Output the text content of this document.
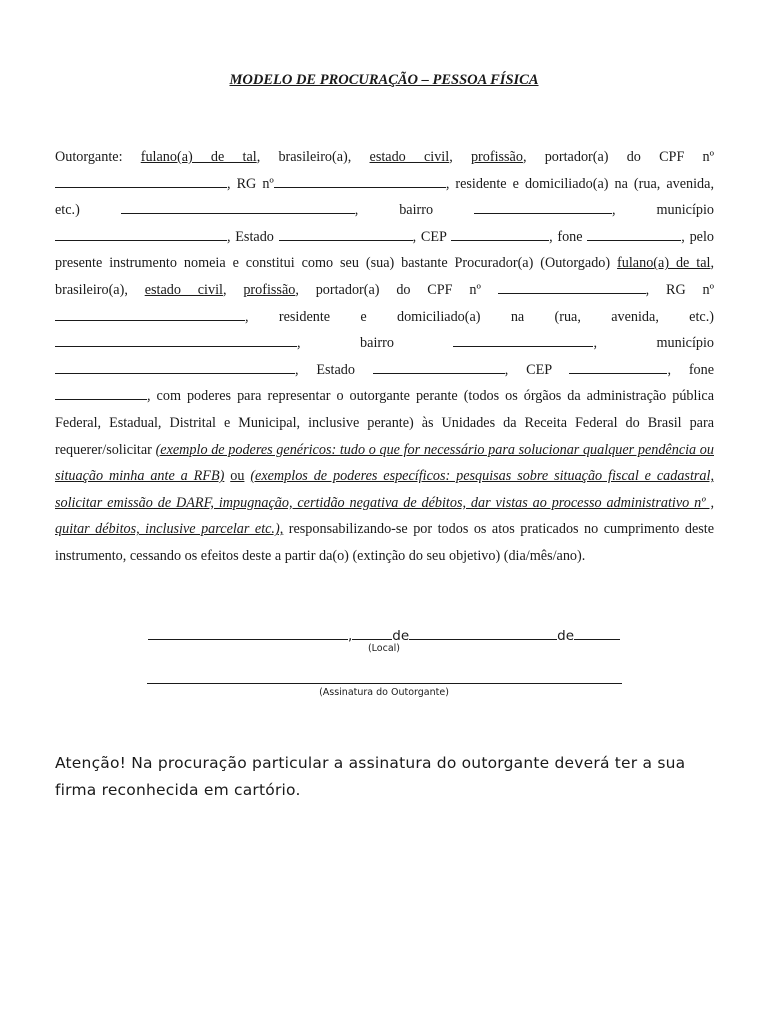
MODELO DE PROCURAÇÃO – PESSOA FÍSICA

Outorgante: fulano(a) de tal, brasileiro(a), estado civil, profissão, portador(a) do CPF nº , RG nº	, residente e domiciliado(a) na (rua, avenida, etc.)	, bairro	, município , Estado	, CEP	, fone	, pelo presente instrumento nomeia e constitui como seu (sua) bastante Procurador(a) (Outorgado) fulano(a) de tal, brasileiro(a), estado civil, profissão, portador(a) do CPF nº	, RG nº, residente e domiciliado(a) na (rua, avenida, etc.) , bairro	, município , Estado	, CEP	, fone , com poderes para representar o outorgante perante (todos os órgãos da administração pública Federal, Estadual, Distrital e Municipal, inclusive perante) às Unidades da Receita Federal do Brasil para requerer/solicitar (exemplo de poderes genéricos: tudo o que for necessário para solucionar qualquer pendência ou situação minha ante a RFB) ou (exemplos de poderes específicos: pesquisas sobre situação fiscal e cadastral, solicitar emissão de DARF, impugnação, certidão negativa de débitos, dar vistas ao processo administrativo nº , quitar débitos, inclusive parcelar etc.), responsabilizando-se por todos os atos praticados no cumprimento deste instrumento, cessando os efeitos deste a partir da(o) (extinção do seu objetivo) (dia/mês/ano).

,	de	de
(Local)
(Assinatura do Outorgante)
Atenção! Na procuração particular a assinatura do outorgante deverá ter a sua firma reconhecida em cartório.
